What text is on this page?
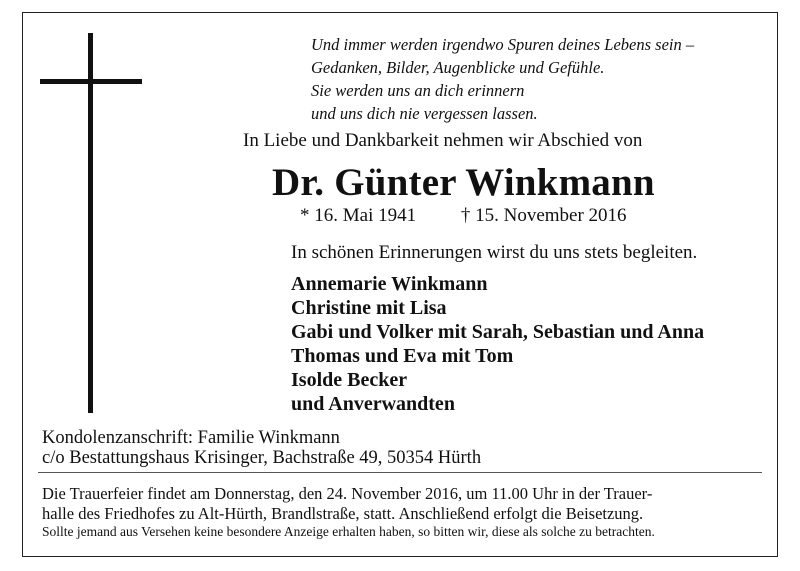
Und immer werden irgendwo Spuren deines Lebens sein –
Gedanken, Bilder, Augenblicke und Gefühle.
Sie werden uns an dich erinnern
und uns dich nie vergessen lassen.
In Liebe und Dankbarkeit nehmen wir Abschied von
Dr. Günter Winkmann
* 16. Mai 1941 † 15. November 2016
In schönen Erinnerungen wirst du uns stets begleiten.
Annemarie Winkmann
Christine mit Lisa
Gabi und Volker mit Sarah, Sebastian und Anna
Thomas und Eva mit Tom
Isolde Becker
und Anverwandten
Kondolenzanschrift: Familie Winkmann
c/o Bestattungshaus Krisinger, Bachstraße 49, 50354 Hürth
Die Trauerfeier findet am Donnerstag, den 24. November 2016, um 11.00 Uhr in der Trauer-
halle des Friedhofes zu Alt-Hürth, Brandlstraße, statt. Anschließend erfolgt die Beisetzung.
Sollte jemand aus Versehen keine besondere Anzeige erhalten haben, so bitten wir, diese als solche zu betrachten.
